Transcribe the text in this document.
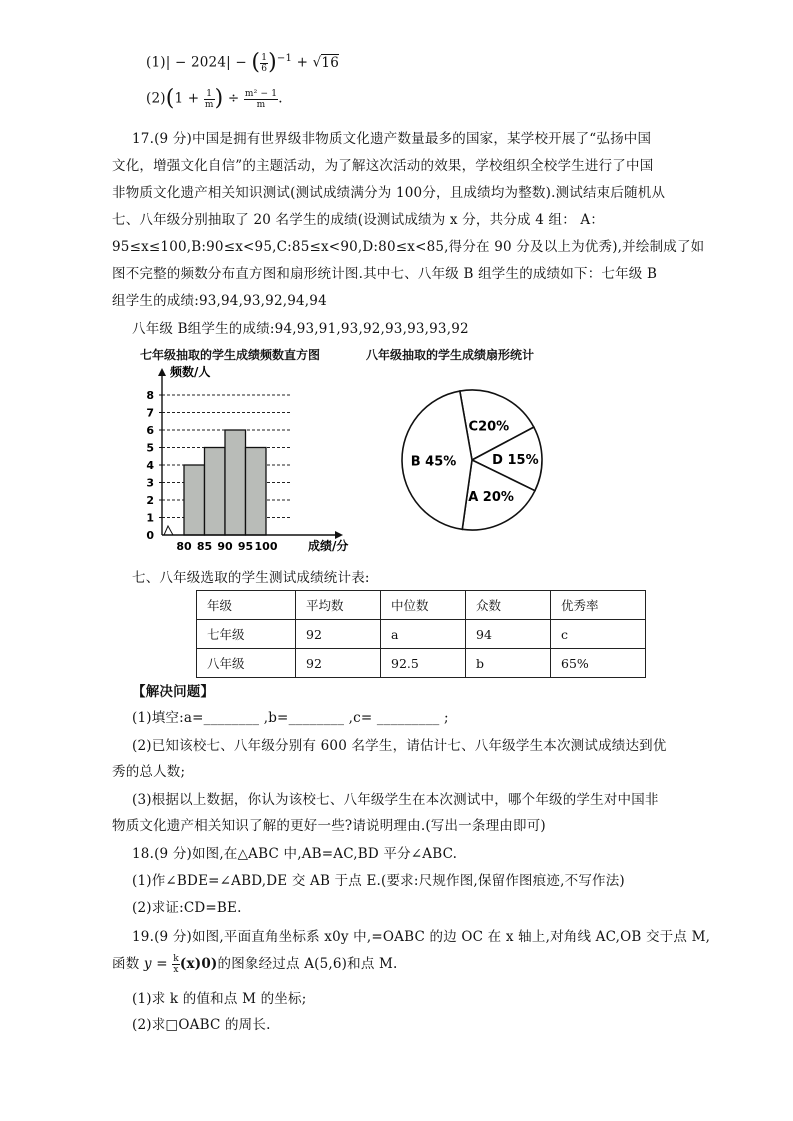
(1)| − 2024| − ( $\frac{1}{6} )^{-1} + √16$
$(2)(1 + \frac{1}{m}$ ) ÷ $\frac{\text{m² − 1}}{m}$ .
17.(9 分)中国是拥有世界级非物质文化遗产数量最多的国家，某学校开展了“弘扬中国
文化，增强文化自信”的主题活动，为了解这次活动的效果，学校组织全校学生进行了中国
非物质文化遗产相关知识测试(测试成绩满分为 100分，且成绩均为整数).测试结束后随机从
七、八年级分别抽取了 20 名学生的成绩(设测试成绩为 x 分，共分成 4 组： A：
95≤x≤100,B:90≤x<95,C:85≤x<90,D:80≤x<85,得分在 90 分及以上为优秀),并绘制成了如
图不完整的频数分布直方图和扇形统计图.其中七、八年级 B 组学生的成绩如下：七年级 B
组学生的成绩:93,94,93,92,94,94
八年级 B组学生的成绩:94,93,91,93,92,93,93,93,92
七年级抽取的学生成绩频数直方图	八年级抽取的学生成绩扇形统计
0
1
2
3
4
5
6
7
8
80 85 90 95 100
频数/人
成绩/分
C20%
D 15%
A 20%
B 45%
七、八年级选取的学生测试成绩统计表:
年级	平均数	中位数	众数	优秀率
七年级	92	a	94	c
八年级	92	92.5	b	65%
【解决问题】
(1)填空:a=________ ,b=________ ,c= _________ ;
(2)已知该校七、八年级分别有 600 名学生，请估计七、八年级学生本次测试成绩达到优
秀的总人数;
(3)根据以上数据，你认为该校七、八年级学生在本次测试中，哪个年级的学生对中国非
物质文化遗产相关知识了解的更好一些?请说明理由.(写出一条理由即可)
18.(9 分)如图,在△ABC 中,AB=AC,BD 平分∠ABC.
(1)作∠BDE=∠ABD,DE 交 AB 于点 E.(要求:尺规作图,保留作图痕迹,不写作法)
(2)求证:CD=BE.
19.(9 分)如图,平面直角坐标系 x0y 中,=OABC 的边 OC 在 x 轴上,对角线 AC,OB 交于点 M,
函数 $y = \frac{k}{x} (x)0$)的图象经过点 A(5,6)和点 M.
(1)求 k 的值和点 M 的坐标;
(2)求□OABC 的周长.
